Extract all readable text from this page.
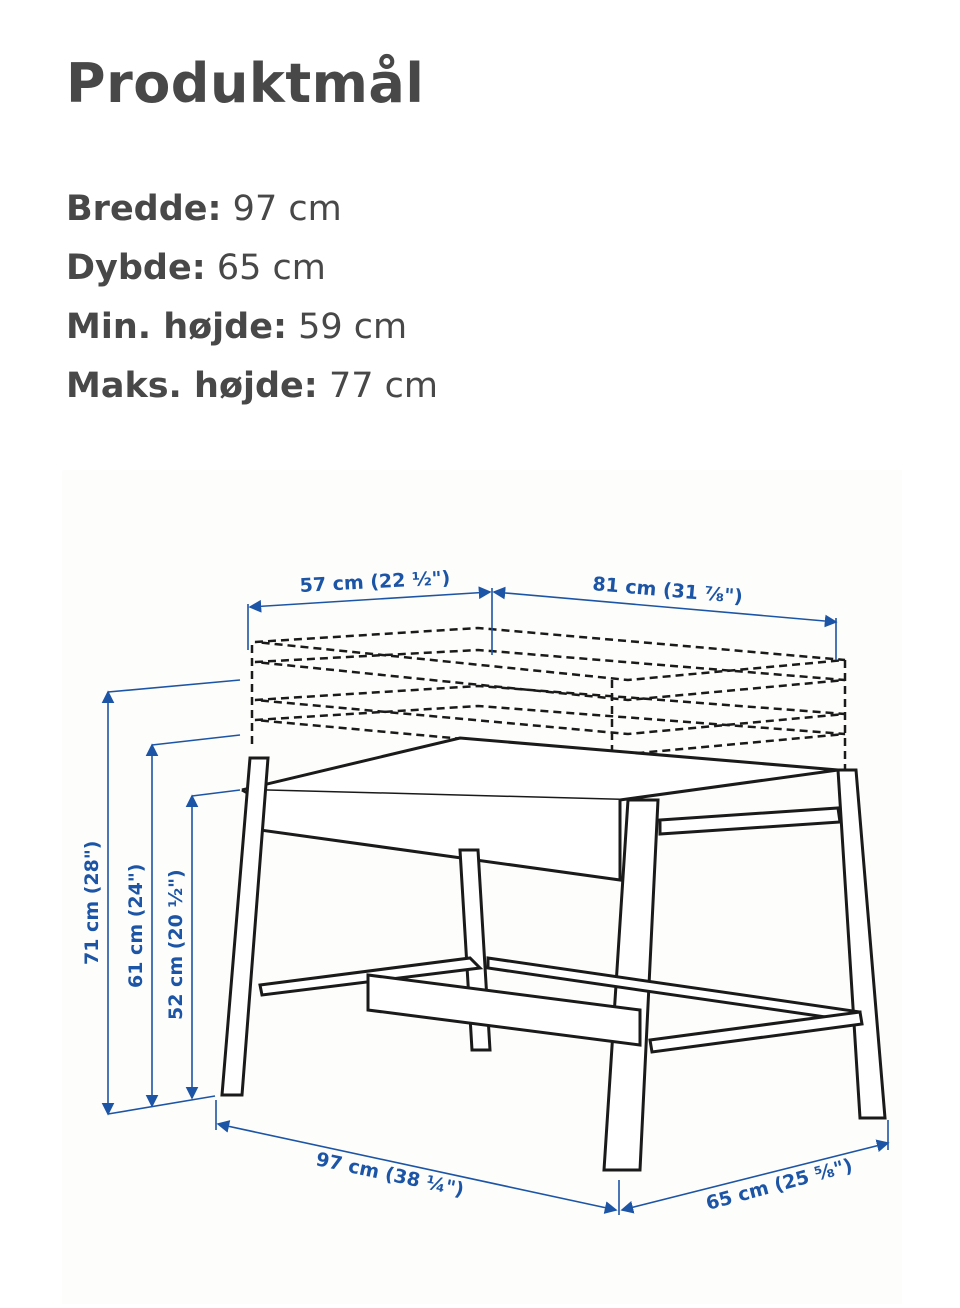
Produktmål
Bredde: 97 cm
Dybde: 65 cm
Min. højde: 59 cm
Maks. højde: 77 cm
57 cm (22 ½")	81 cm (31 ⅞")
71 cm (28") 61 cm (24") 52 cm (20 ½")
97 cm (38 ¼")	65 cm (25 ⅝")
